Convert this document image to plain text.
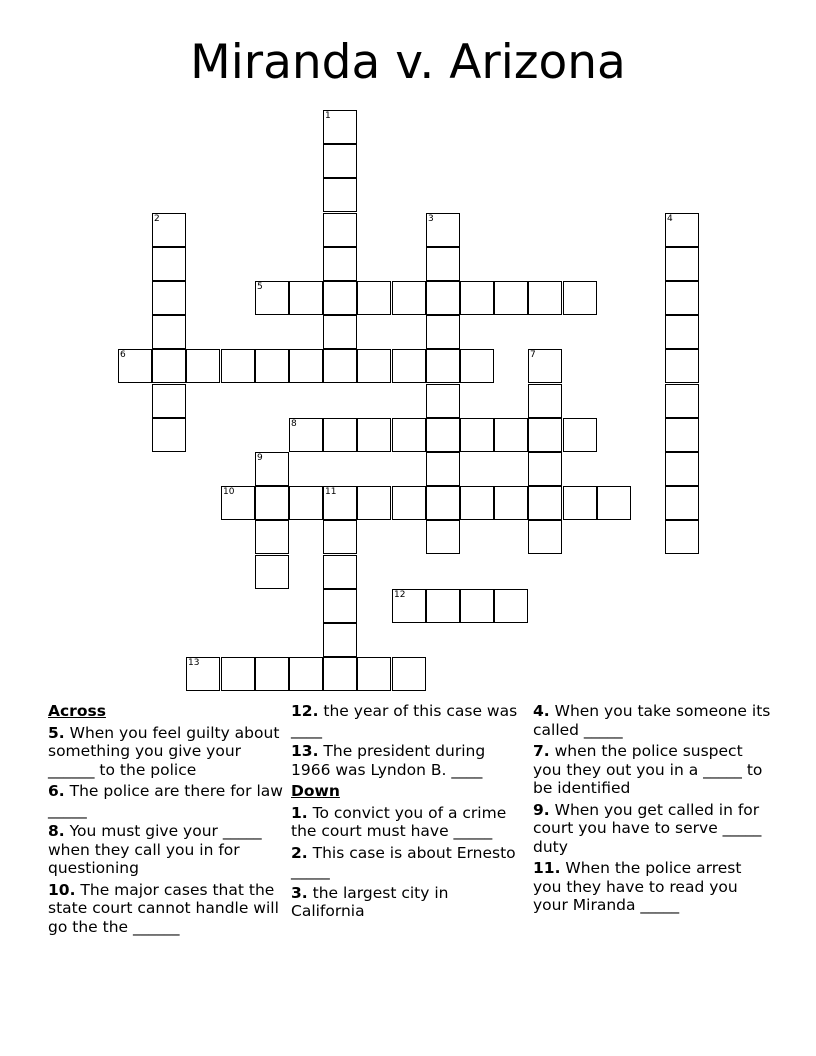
Miranda v. Arizona
1
2	3	4
5
6	7
8
9
10	11
12
13
Across
5. When you feel guilty about something you give your ______ to the police
6. The police are there for law _____
8. You must give your _____ when they call you in for questioning
10. The major cases that the state court cannot handle will go the the ______
12. the year of this case was ____
13. The president during 1966 was Lyndon B. ____
Down
1. To convict you of a crime the court must have _____
2. This case is about Ernesto _____
3. the largest city in California
4. When you take someone its called _____
7. when the police suspect you they out you in a _____ to be identified
9. When you get called in for court you have to serve _____ duty
11. When the police arrest you they have to read you your Miranda _____
